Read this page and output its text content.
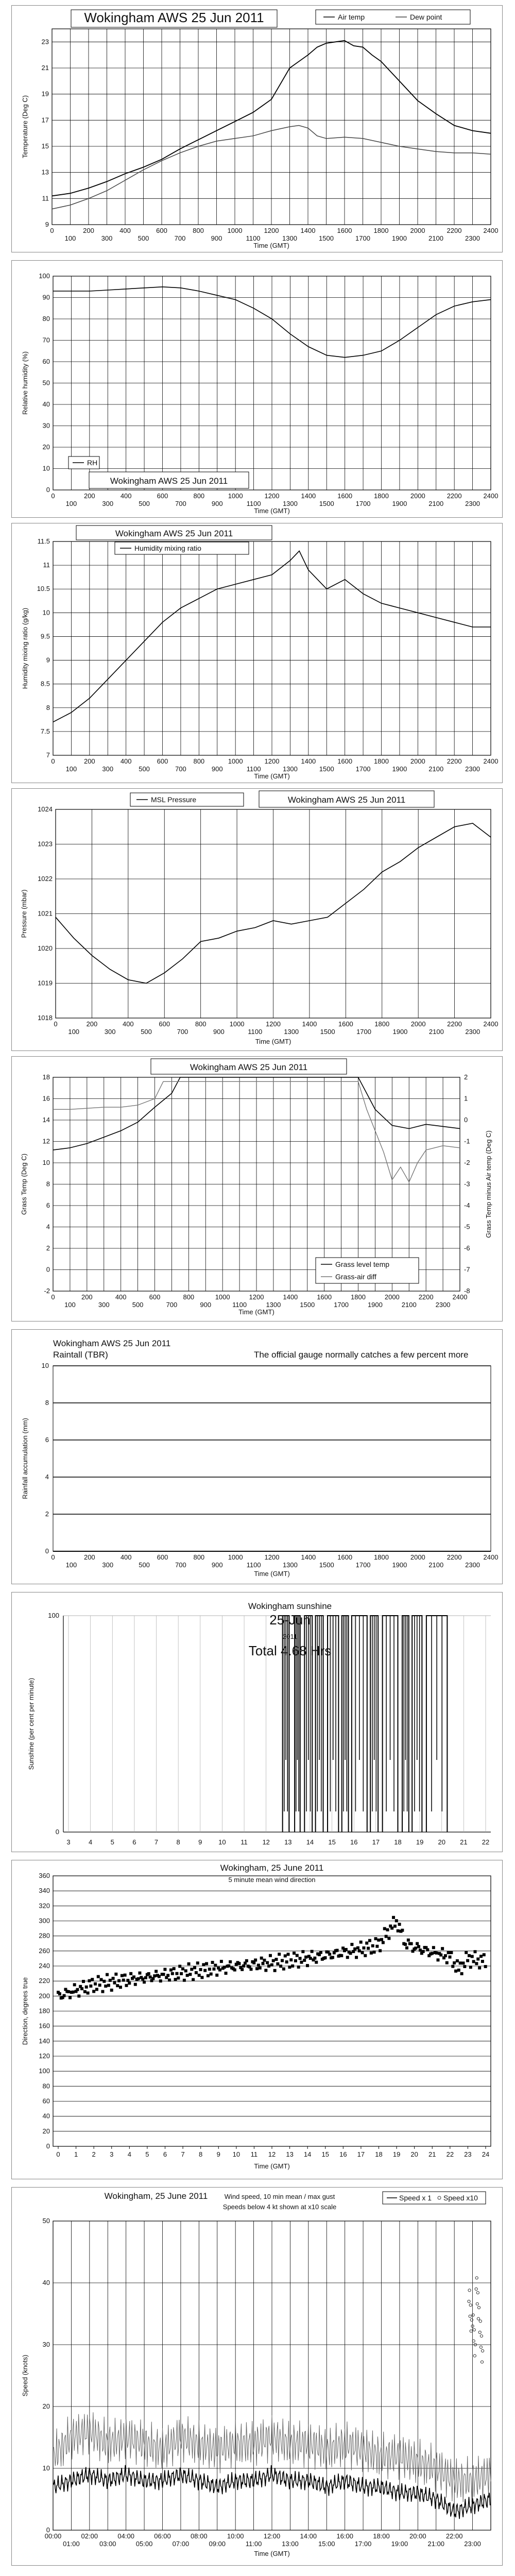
9
11
13
15
17
19
21
23
0	200	400	600	800	1000	1200	1400	1600	1800	2000	2200	2400
100	300	500	700	900	1100	1300	1500	1700	1900	2100	2300
Wokingham AWS 25 Jun 2011	Air temp	Dew point
Time (GMT)
Temperature (Deg C)
0
10
20
30
40
50
60
70
80
90
100
0	200	400	600	800	1000	1200	1400	1600	1800	2000	2200	2400
100	300	500	700	900	1100	1300	1500	1700	1900	2100	2300
RH
Wokingham AWS 25 Jun 2011
Time (GMT)
Relative humidity (%)
7
7.5
8
8.5
9
9.5
10
10.5
11
11.5
0	200	400	600	800	1000	1200	1400	1600	1800	2000	2200	2400
100	300	500	700	900	1100	1300	1500	1700	1900	2100	2300
Wokingham AWS 25 Jun 2011
Humidity mixing ratio
Time (GMT)
Humidity mixing ratio (g/kg)
1018
1019
1020
1021
1022
1023
1024
0	200	400	600	800	1000	1200	1400	1600	1800	2000	2200	2400
100	300	500	700	900	1100	1300	1500	1700	1900	2100	2300
MSL Pressure	Wokingham AWS 25 Jun 2011
Time (GMT)
Pressure (mbar)
-2
0
2
4
6
8
10
12
14
16
18
-8
-7
-6
-5
-4
-3
-2
-1
0
1
2
0	200	400	600	800	1000	1200	1400	1600	1800	2000	2200	2400
100	300	500	700	900	1100	1300	1500	1700	1900	2100	2300
Wokingham AWS 25 Jun 2011
Grass level temp
Grass-air diff
Time (GMT)
Grass Temp (Deg C)	Grass Temp minus Air temp (Deg C)
0
2
4
6
8
10
0	200	400	600	800	1000	1200	1400	1600	1800	2000	2200	2400
100	300	500	700	900	1100	1300	1500	1700	1900	2100	2300
Wokingham AWS 25 Jun 2011
Raintall (TBR)	The official gauge normally catches a few percent more
Time (GMT)
Rainfall accumulation (mm)
0
100
3	4	5	6	7	8	9 10 11 12 13 14 15 16 17 18 19 20 21 22
Wokingham sunshine
25-Jun
2011
Total 4.68 Hrs
Sunshine (per cent per minute)
0
20
40
60
80
100
120
140
160
180
200
220
240
260
280
300
320
340
360
0 1 2 3 4 5 6 7 8 9 10 11 12 13 14 15 16 17 18 19 20 21 22 23 24
Wokingham, 25 June 2011
5 minute mean wind direction
Time (GMT)
Direction, degrees true
0
10
20
30
40
50
00:00	02:00	04:00	06:00	08:00	10:00	12:00	14:00	16:00	18:00	20:00	22:00
01:00	03:00	05:00	07:00	09:00	11:00	13:00	15:00	17:00	19:00	21:00	23:00
Wokingham, 25 June 2011 Wind speed, 10 min mean / max gust
Speeds below 4 kt shown at x10 scale
Speed x 1 Speed x10
Time (GMT)
Speed (knots)
